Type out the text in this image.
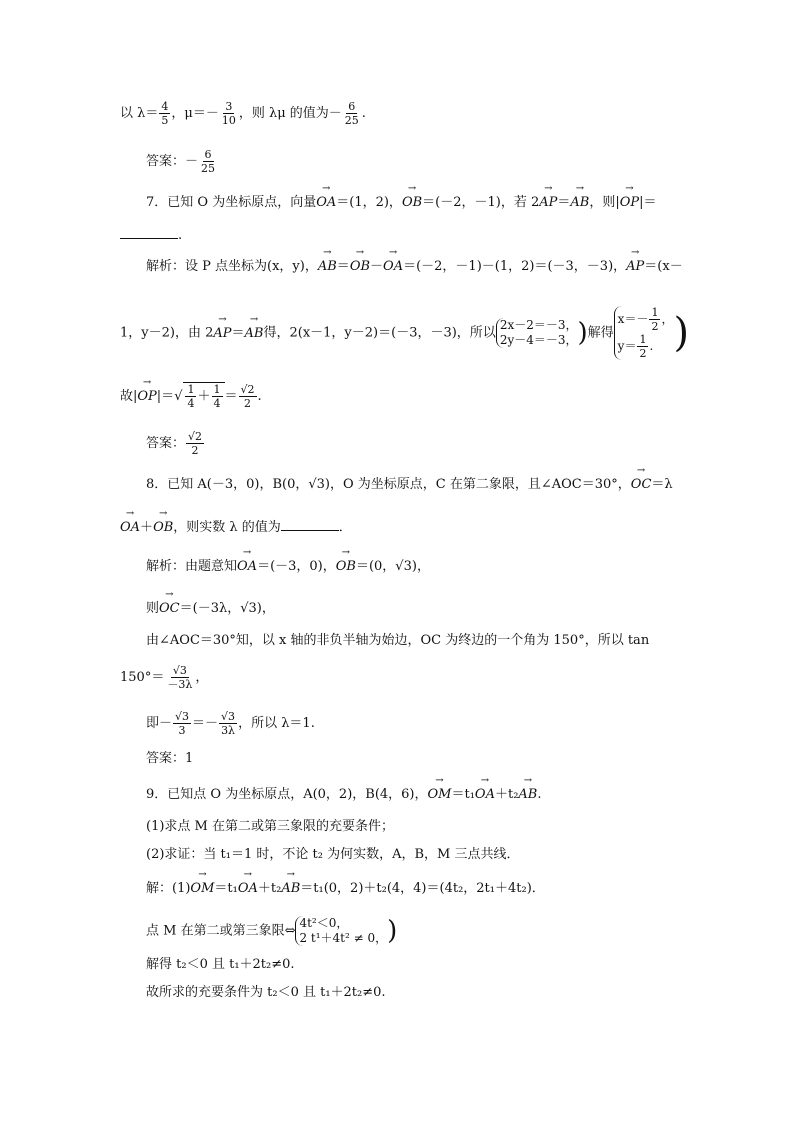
以 $\lambda= \frac{4}{5}$ ，$\mu=- \frac{3}{10}$ ，则 λμ 的值为－ $\frac{6}{25}$ .
答案：－ $\frac{6}{25}$
7．已知 O 为坐标原点，向量→ OA＝(1，2)，→ OB＝(－2，－1)，若 2→ AP＝→ AB，则|→ OP|＝
.
解析：设 P 点坐标为(x，y)，→ AB＝→ OB－→ OA＝(－2，－1)－(1，2)＝(－3，－3)，→ AP＝(x－
1，y－2)，由 2→ AP＝→ AB得，2(x－1，y－2)＝(－3，－3)，所以2x－2＝－3，
2y－4＝－3，)解得$x=- \frac{1}{2}$ ，
$y= \frac{1}{2}$ . )
故|→ $OP|=√ \frac{1}{4} + \frac{1}{4} = \frac{√2}{2}$ .
答案： $\frac{√2}{2}$
8．已知 A(－3，0)，B(0，√3)，O 为坐标原点，C 在第二象限，且∠AOC＝30°，→ OC＝λ
→ OA＋→ OB，则实数 λ 的值为	．
解析：由题意知→ OA＝(－3，0)，→ OB＝(0，√3)，
则→ OC＝(－3λ，√3)，
由∠AOC＝30°知，以 x 轴的非负半轴为始边，OC 为终边的一个角为 150°，所以 tan
$150^\circ= \frac{√3}{-3\lambda}$ ，
即－ $\frac{√3}{3} =- \frac{√3}{3\lambda}$ ，所以 λ＝1.
答案：1
9．已知点 O 为坐标原点，A(0，2)，B(4，6)，→ OM＝t₁→ OA＋t₂→ AB.
(1)求点 M 在第二或第三象限的充要条件；
(2)求证：当 t₁＝1 时，不论 t₂ 为何实数，A，B，M 三点共线．
解：(1)→ OM＝t₁→ OA＋t₂→ AB＝t₁(0，2)＋t₂(4，4)＝(4t₂，2t₁＋4t₂)．
点 M 在第二或第三象限⇔4t²＜0，
2 t¹＋4t² ≠ 0，)
解得 t₂＜0 且 t₁＋2t₂≠0.
故所求的充要条件为 t₂＜0 且 t₁＋2t₂≠0.
